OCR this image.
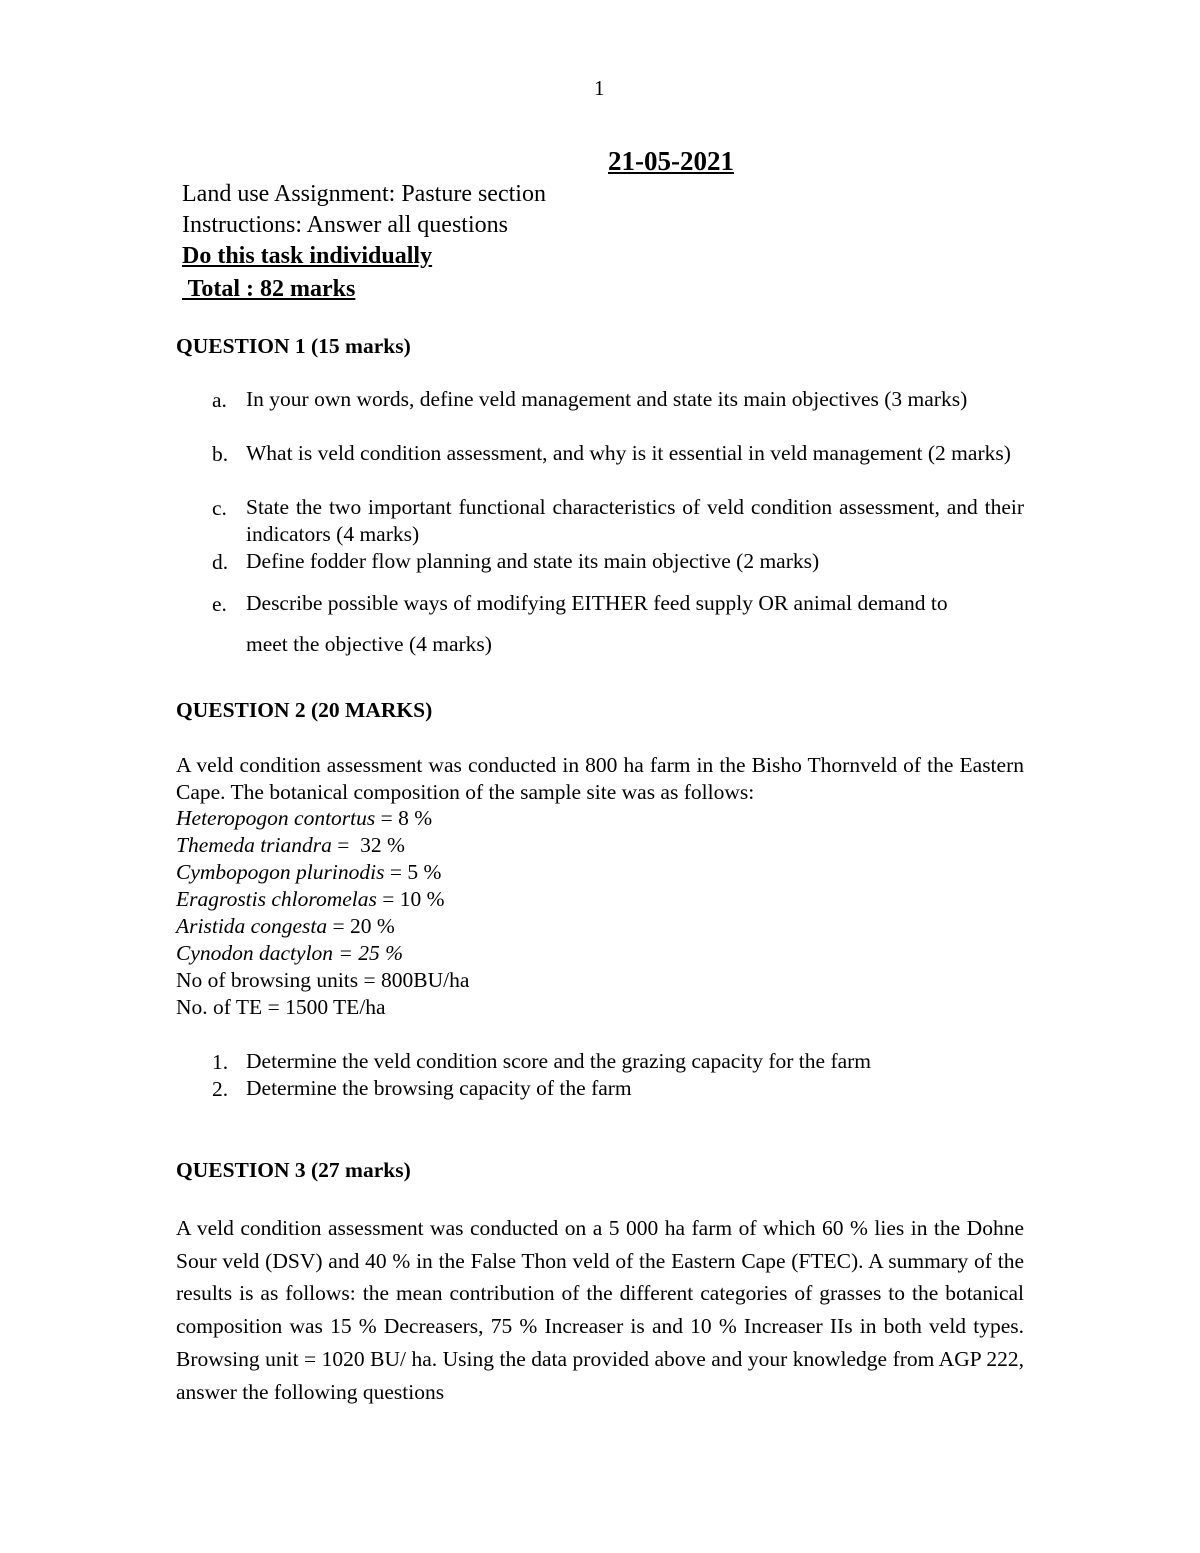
1
21-05-2021
Land use Assignment: Pasture section
Instructions: Answer all questions
Do this task individually
Total : 82 marks
QUESTION 1 (15 marks)
a. In your own words, define veld management and state its main objectives (3 marks)
b. What is veld condition assessment, and why is it essential in veld management (2 marks)
c. State the two important functional characteristics of veld condition assessment, and their indicators (4 marks)
d. Define fodder flow planning and state its main objective (2 marks)
e. Describe possible ways of modifying EITHER feed supply OR animal demand to
meet the objective (4 marks)
QUESTION 2 (20 MARKS)
A veld condition assessment was conducted in 800 ha farm in the Bisho Thornveld of the Eastern Cape. The botanical composition of the sample site was as follows:
Heteropogon contortus = 8 %
Themeda triandra =  32 %
Cymbopogon plurinodis = 5 %
Eragrostis chloromelas = 10 %
Aristida congesta = 20 %
Cynodon dactylon = 25 %
No of browsing units = 800BU/ha
No. of TE = 1500 TE/ha
1. Determine the veld condition score and the grazing capacity for the farm
2. Determine the browsing capacity of the farm
QUESTION 3 (27 marks)
A veld condition assessment was conducted on a 5 000 ha farm of which 60 % lies in the Dohne Sour veld (DSV) and 40 % in the False Thon veld of the Eastern Cape (FTEC). A summary of the results is as follows: the mean contribution of the different categories of grasses to the botanical composition was 15 % Decreasers, 75 % Increaser is and 10 % Increaser IIs in both veld types. Browsing unit = 1020 BU/ ha. Using the data provided above and your knowledge from AGP 222, answer the following questions
